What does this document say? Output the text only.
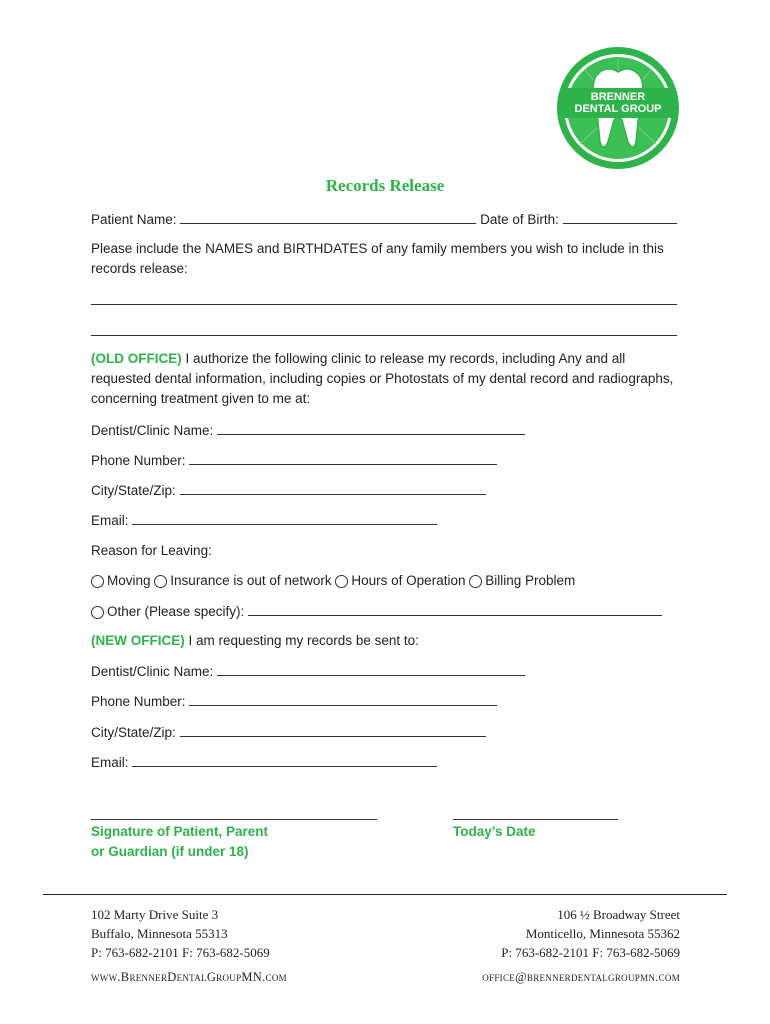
BRENNER
DENTAL GROUP
Records Release
Patient Name:	Date of Birth:
Please include the NAMES and BIRTHDATES of any family members you wish to include in this records release:
(OLD OFFICE) I authorize the following clinic to release my records, including Any and all requested dental information, including copies or Photostats of my dental record and radiographs, concerning treatment given to me at:
Dentist/Clinic Name:
Phone Number:
City/State/Zip:
Email:
Reason for Leaving:
Moving Insurance is out of network Hours of Operation Billing Problem
Other (Please specify):
(NEW OFFICE) I am requesting my records be sent to:
Dentist/Clinic Name:
Phone Number:
City/State/Zip:
Email:
Signature of Patient, Parent
or Guardian (if under 18)
Today’s Date
102 Marty Drive Suite 3
Buffalo, Minnesota 55313
P: 763-682-2101 F: 763-682-5069
www.BrennerDentalGroupMN.com
106 ½ Broadway Street
Monticello, Minnesota 55362
P: 763-682-2101 F: 763-682-5069
office@brennerdentalgroupmn.com
